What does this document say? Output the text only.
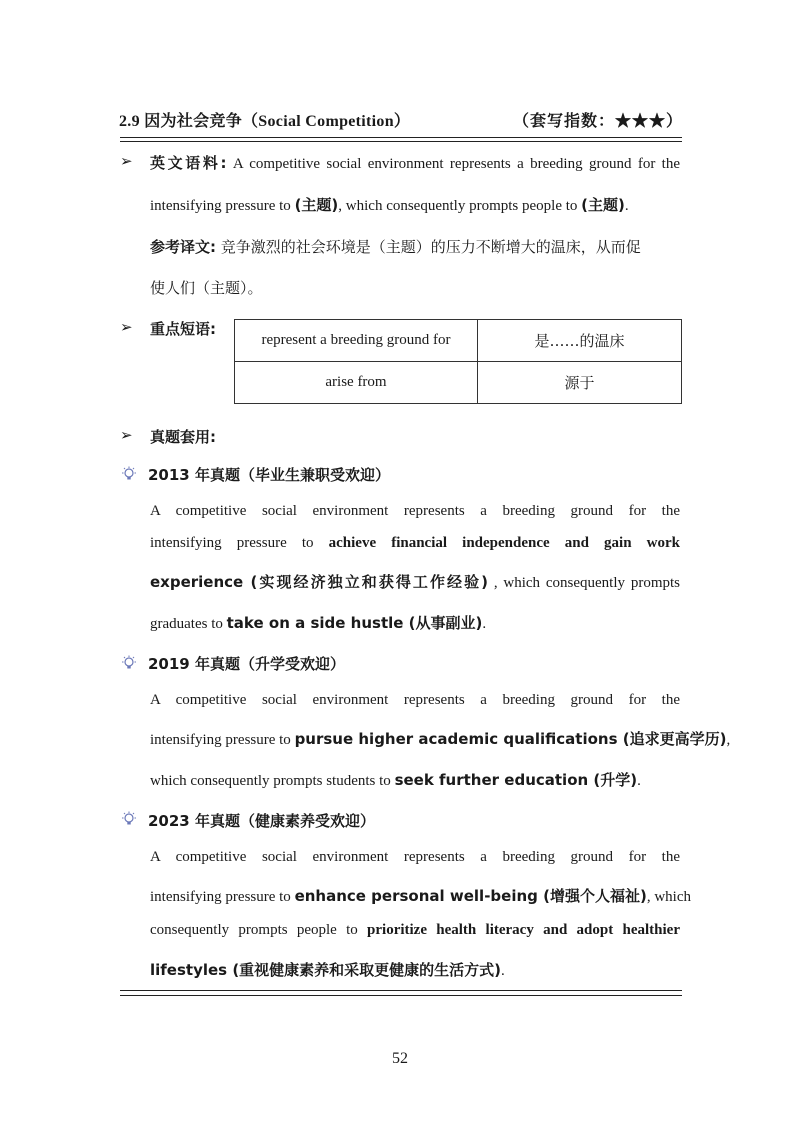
2.9 因为社会竞争（Social Competition）	（套写指数：★★★）
➢ 英文语料: A competitive social environment represents a breeding ground for the
intensifying pressure to (主题), which consequently prompts people to (主题).
参考译文: 竞争激烈的社会环境是（主题）的压力不断增大的温床，从而促
使人们（主题）。
➢ 重点短语:
represent a breeding ground for	是……的温床
arise from	源于
➢ 真题套用:
2013 年真题（毕业生兼职受欢迎）
A competitive social environment represents a breeding ground for the
intensifying pressure to achieve financial independence and gain work
experience (实现经济独立和获得工作经验) , which consequently prompts
graduates to take on a side hustle (从事副业).
2019 年真题（升学受欢迎）
A competitive social environment represents a breeding ground for the
intensifying pressure to pursue higher academic qualifications (追求更高学历),
which consequently prompts students to seek further education (升学).
2023 年真题（健康素养受欢迎）
A competitive social environment represents a breeding ground for the
intensifying pressure to enhance personal well-being (增强个人福祉), which
consequently prompts people to prioritize health literacy and adopt healthier
lifestyles (重视健康素养和采取更健康的生活方式).
52
